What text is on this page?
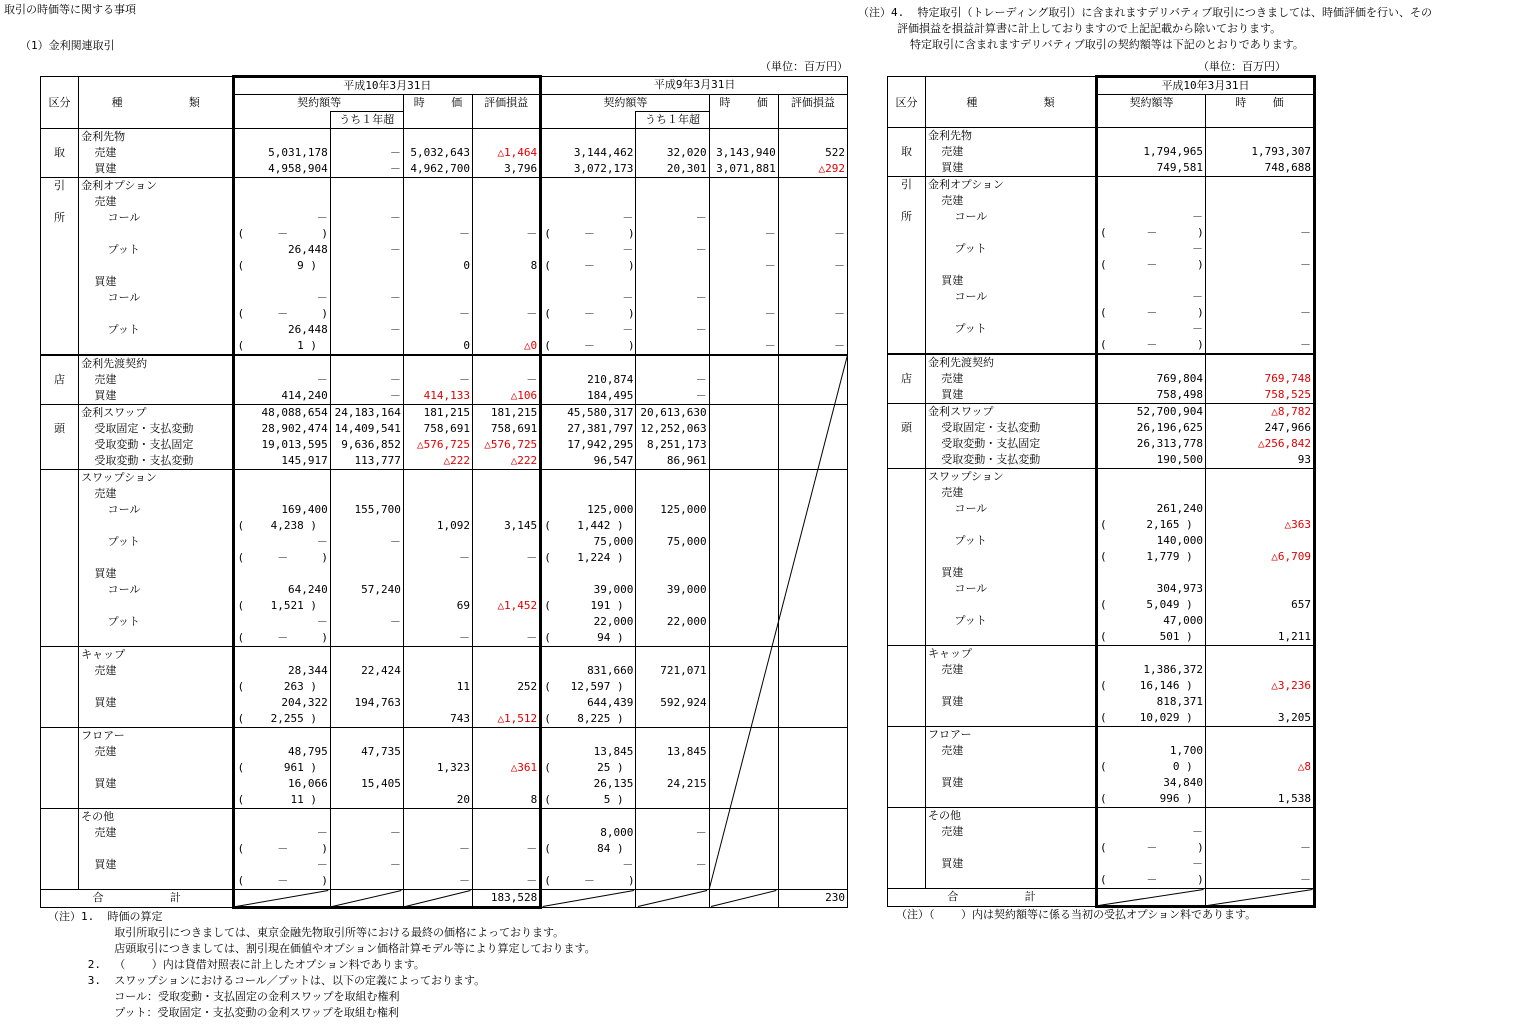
取引の時価等に関する事項
（1）金利関連取引
（注）4.  特定取引（トレーディング取引）に含まれますデリバティブ取引につきましては、時価評価を行い、その
評価損益を損益計算書に計上しておりますので上記記載から除いております。
特定取引に含まれますデリバティブ取引の契約額等は下記のとおりであります。
（単位：百万円）	（単位：百万円）
		平成10年3月31日				平成9年3月31日			
区分	種          類	契約額等		時    価	評価損益	契約額等		時    価	評価損益
			うち１年超				うち１年超		
	金利先物								
取	売建	5,031,178	－	5,032,643	△1,464	3,144,462	32,020	3,143,940	522
	買建	4,958,904	－	4,962,700	3,796	3,072,173	20,301	3,071,881	△292
引	金利オプション								
	売建								
所	コール	－	－			－	－		
		(     －     )		－	－	(     －     )		－	－
	プット	26,448	－			－	－		
		(        9 )		0	8	(     －     )		－	－
	買建								
	コール	－	－			－	－		
		(     －     )		－	－	(     －     )		－	－
	プット	26,448	－			－	－		
		(        1 )		0	△0	(     －     )		－	－
	金利先渡契約								
店	売建	－	－	－	－	210,874	－		
	買建	414,240	－	414,133	△106	184,495	－		
	金利スワップ	48,088,654	24,183,164	181,215	181,215	45,580,317	20,613,630		
頭	受取固定・支払変動	28,902,474	14,409,541	758,691	758,691	27,381,797	12,252,063		
	受取変動・支払固定	19,013,595	9,636,852	△576,725	△576,725	17,942,295	8,251,173		
	受取変動・支払変動	145,917	113,777	△222	△222	96,547	86,961		
	スワップション								
	売建								
	コール	169,400	155,700			125,000	125,000		
		(    4,238 )		1,092	3,145	(    1,442 )			
	プット	－	－			75,000	75,000		
		(     －     )		－	－	(    1,224 )			
	買建								
	コール	64,240	57,240			39,000	39,000		
		(    1,521 )		69	△1,452	(      191 )			
	プット	－	－			22,000	22,000		
		(     －     )		－	－	(       94 )			
	キャップ								
	売建	28,344	22,424			831,660	721,071		
		(      263 )		11	252	(   12,597 )			
	買建	204,322	194,763			644,439	592,924		
		(    2,255 )		743	△1,512	(    8,225 )			
	フロアー								
	売建	48,795	47,735			13,845	13,845		
		(      961 )		1,323	△361	(       25 )			
	買建	16,066	15,405			26,135	24,215		
		(       11 )		20	8	(        5 )			
	その他								
	売建	－	－			8,000	－		
		(     －     )		－	－	(       84 )			
	買建	－	－			－	－		
		(     －     )		－	－	(     －     )			
合          計					183,528				230
		平成10年3月31日	
区分	種          類	契約額等	時    価

	金利先物		
取	売建	1,794,965	1,793,307
	買建	749,581	748,688
引	金利オプション		
	売建		
所	コール	－	
		(      －      )	－
	プット	－	
		(      －      )	－
	買建		
	コール	－	
		(      －      )	－
	プット	－	
		(      －      )	－
	金利先渡契約		
店	売建	769,804	769,748
	買建	758,498	758,525
	金利スワップ	52,700,904	△8,782
頭	受取固定・支払変動	26,196,625	247,966
	受取変動・支払固定	26,313,778	△256,842
	受取変動・支払変動	190,500	93
	スワップション		
	売建		
	コール	261,240	
		(      2,165 )	△363
	プット	140,000	
		(      1,779 )	△6,709
	買建		
	コール	304,973	
		(      5,049 )	657
	プット	47,000	
		(        501 )	1,211
	キャップ		
	売建	1,386,372	
		(     16,146 )	△3,236
	買建	818,371	
		(     10,029 )	3,205
	フロアー		
	売建	1,700	
		(          0 )	△8
	買建	34,840	
		(        996 )	1,538
	その他		
	売建	－	
		(      －      )	－
	買建	－	
		(      －      )	－
合          計			
（注）1.  時価の算定
取引所取引につきましては、東京金融先物取引所等における最終の価格によっております。
店頭取引につきましては、割引現在価値やオプション価格計算モデル等により算定しております。
2.  （    ）内は貸借対照表に計上したオプション料であります。
3.  スワップションにおけるコール／プットは、以下の定義によっております。
コール：受取変動・支払固定の金利スワップを取組む権利
プット：受取固定・支払変動の金利スワップを取組む権利
（注）（    ）内は契約額等に係る当初の受払オプション料であります。
